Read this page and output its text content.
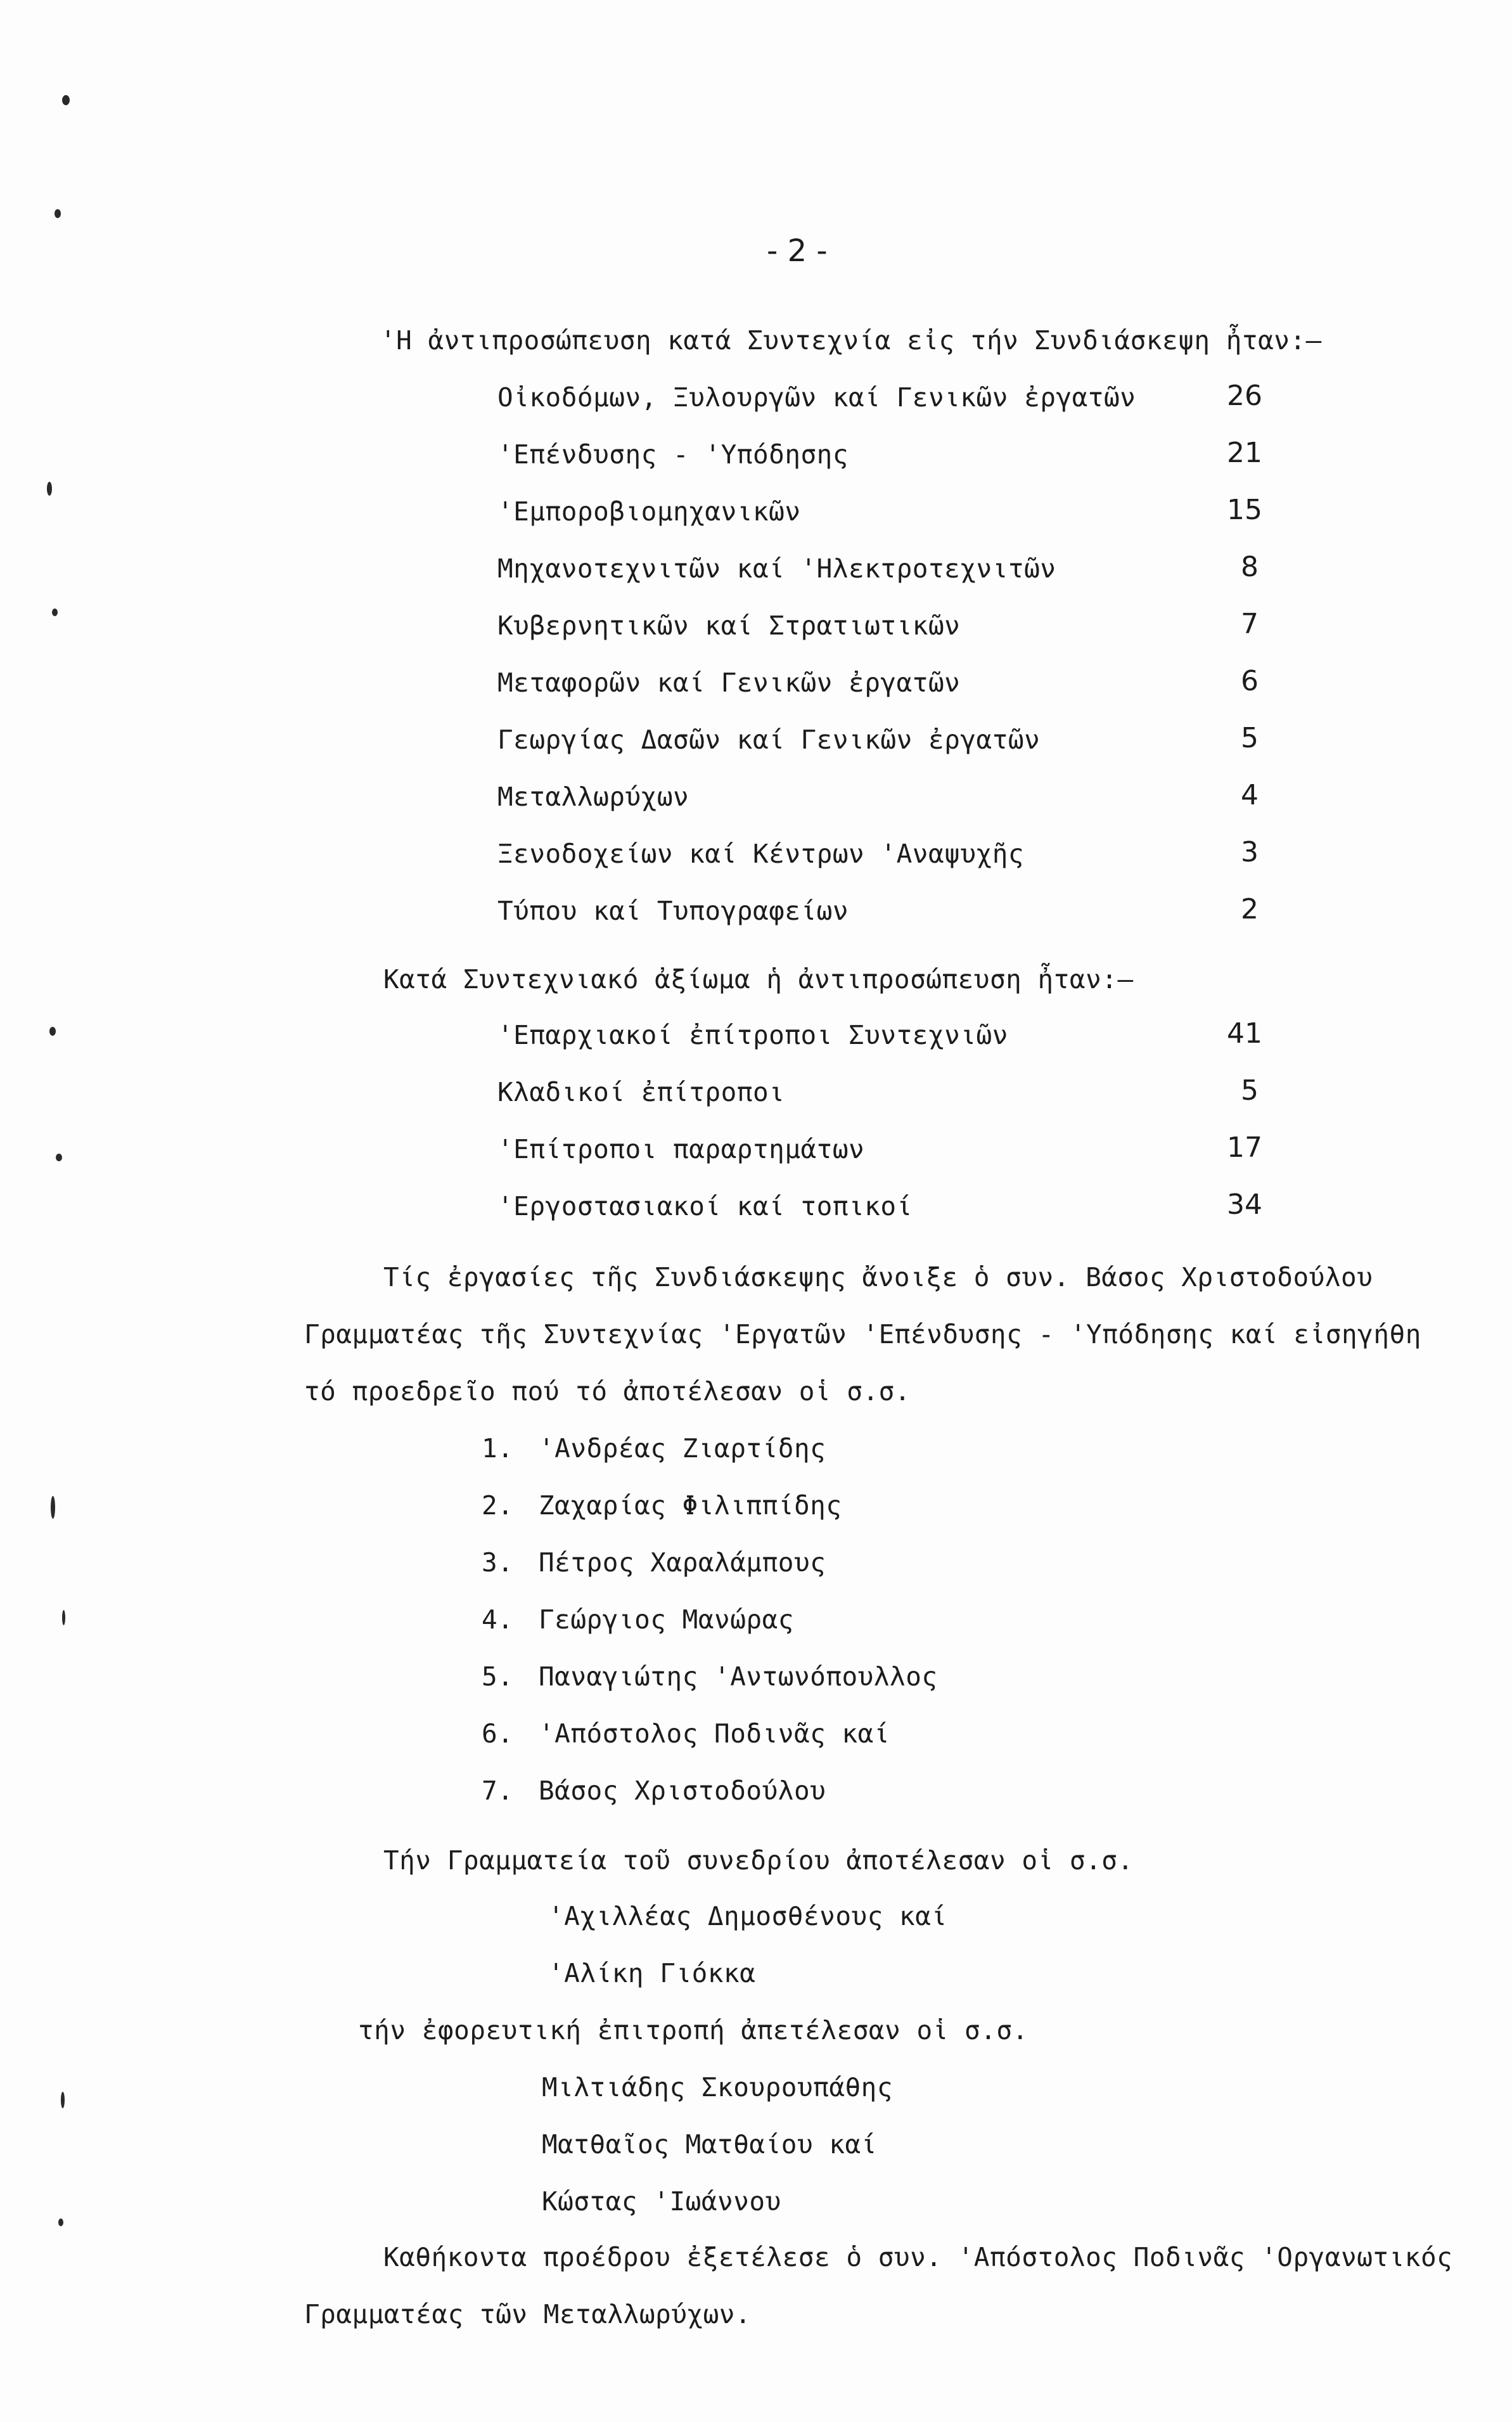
- 2 -
'Η ἀντιπροσώπευση κατά Συντεχνία εἰς τήν Συνδιάσκεψη ἦταν:—
Οἰκοδόμων, Ξυλουργῶν καί Γενικῶν ἐργατῶν	26
'Επένδυσης - 'Υπόδησης	21
'Εμποροβιομηχανικῶν	15
Μηχανοτεχνιτῶν καί 'Ηλεκτροτεχνιτῶν	8
Κυβερνητικῶν καί Στρατιωτικῶν	7
Μεταφορῶν καί Γενικῶν ἐργατῶν	6
Γεωργίας Δασῶν καί Γενικῶν ἐργατῶν	5
Μεταλλωρύχων	4
Ξενοδοχείων καί Κέντρων 'Αναψυχῆς	3
Τύπου καί Τυπογραφείων	2
Κατά Συντεχνιακό ἀξίωμα ἡ ἀντιπροσώπευση ἦταν:—
'Επαρχιακοί ἐπίτροποι Συντεχνιῶν	41
Κλαδικοί ἐπίτροποι	5
'Επίτροποι παραρτημάτων	17
'Εργοστασιακοί καί τοπικοί	34
Τίς ἐργασίες τῆς Συνδιάσκεψης ἄνοιξε ὁ συν. Βάσος Χριστοδούλου
Γραμματέας τῆς Συντεχνίας 'Εργατῶν 'Επένδυσης - 'Υπόδησης καί εἰσηγήθη
τό προεδρεῖο πού τό ἀποτέλεσαν οἱ σ.σ.
1. 'Ανδρέας Ζιαρτίδης
2. Ζαχαρίας Φιλιππίδης
3. Πέτρος Χαραλάμπους
4. Γεώργιος Μανώρας
5. Παναγιώτης 'Αντωνόπουλλος
6. 'Απόστολος Ποδινᾶς καί
7. Βάσος Χριστοδούλου
Τήν Γραμματεία τοῦ συνεδρίου ἀποτέλεσαν οἱ σ.σ.
'Αχιλλέας Δημοσθένους καί
'Αλίκη Γιόκκα
τήν ἐφορευτική ἐπιτροπή ἀπετέλεσαν οἱ σ.σ.
Μιλτιάδης Σκουρουπάθης
Ματθαῖος Ματθαίου καί
Κώστας 'Ιωάννου
Καθήκοντα προέδρου ἐξετέλεσε ὁ συν. 'Απόστολος Ποδινᾶς 'Οργανωτικός
Γραμματέας τῶν Μεταλλωρύχων.
